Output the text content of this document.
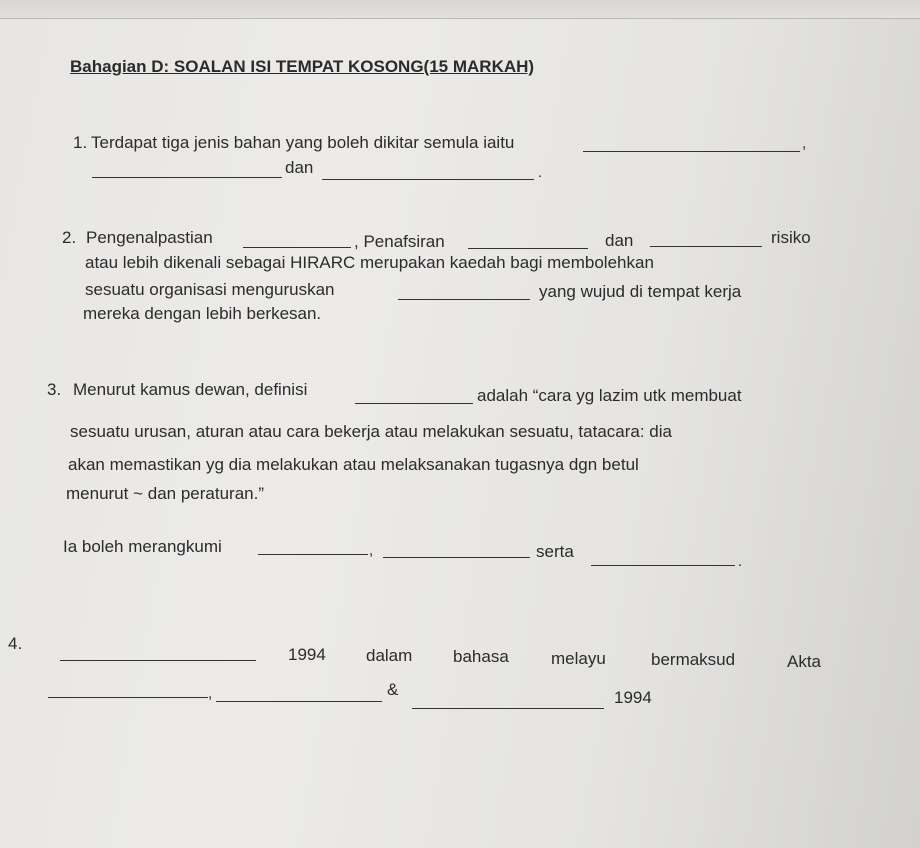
Bahagian D: SOALAN ISI TEMPAT KOSONG(15 MARKAH)
1. Terdapat tiga jenis bahan yang boleh dikitar semula iaitu	,
dan	.
2. Pengenalpastian	, Penafsiran	dan	risiko
atau lebih dikenali sebagai HIRARC merupakan kaedah bagi membolehkan
sesuatu organisasi menguruskan	yang wujud di tempat kerja
mereka dengan lebih berkesan.
3. Menurut kamus dewan, definisi	adalah “cara yg lazim utk membuat
sesuatu urusan, aturan atau cara bekerja atau melakukan sesuatu, tatacara: dia
akan memastikan yg dia melakukan atau melaksanakan tugasnya dgn betul
menurut ~ dan peraturan.”
Ia boleh merangkumi	,	serta
.
4.
1994 dalam bahasa melayu	bermaksud	Akta
,	&	1994
